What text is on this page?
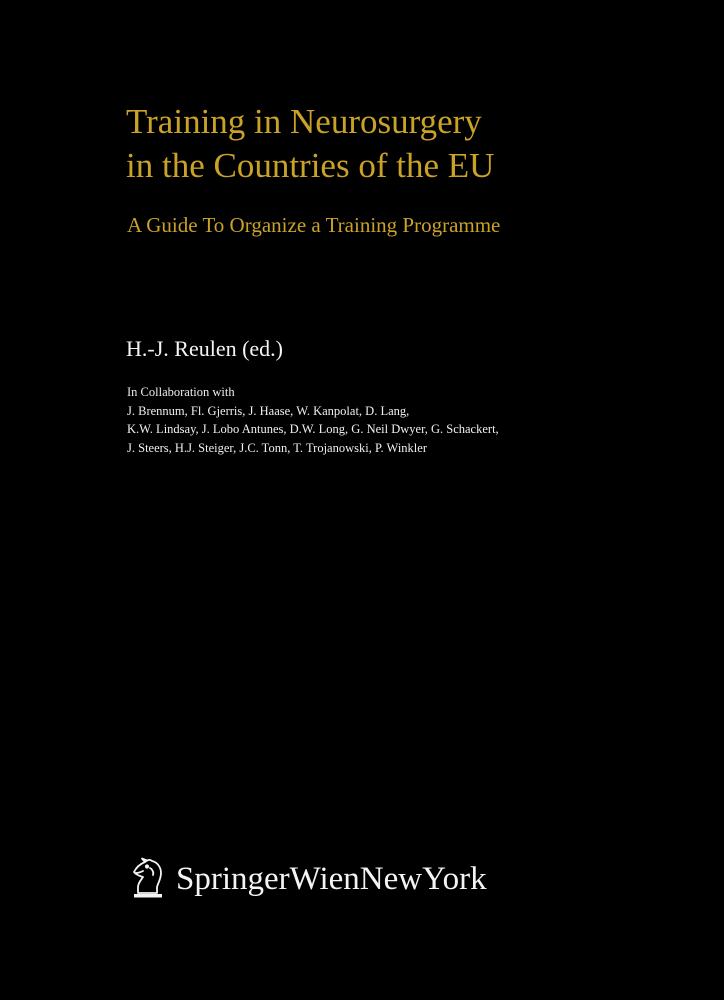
Training in Neurosurgery
in the Countries of the EU

A Guide To Organize a Training Programme

H.-J. Reulen (ed.)

In Collaboration with
J. Brennum, Fl. Gjerris, J. Haase, W. Kanpolat, D. Lang,
K.W. Lindsay, J. Lobo Antunes, D.W. Long, G. Neil Dwyer, G. Schackert,
J. Steers, H.J. Steiger, J.C. Tonn, T. Trojanowski, P. Winkler

SpringerWienNewYork
